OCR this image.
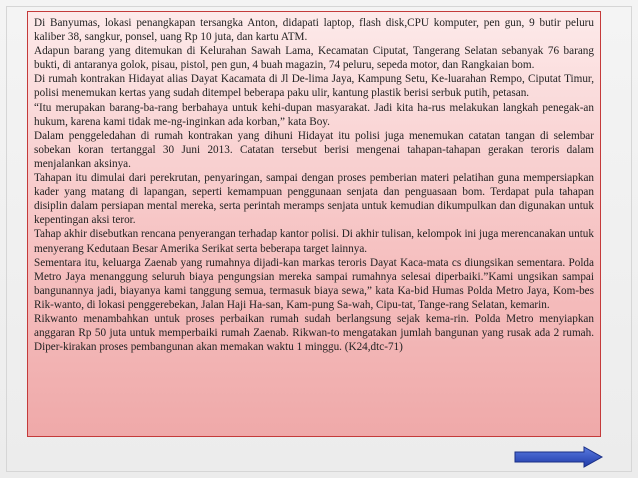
Di Banyumas, lokasi penangkapan tersangka Anton, didapati laptop, flash disk,CPU komputer, pen gun, 9 butir peluru kaliber 38, sangkur, ponsel, uang Rp 10 juta, dan kartu ATM.

Adapun barang yang ditemukan di Kelurahan Sawah Lama, Kecamatan Ciputat, Tangerang Selatan sebanyak 76 barang bukti, di antaranya golok, pisau, pistol, pen gun, 4 buah magazin, 74 peluru, sepeda motor, dan Rangkaian bom.

Di rumah kontrakan Hidayat alias Dayat Kacamata di Jl De-lima Jaya, Kampung Setu, Ke-luarahan Rempo, Ciputat Timur, polisi menemukan kertas yang sudah ditempel beberapa paku ulir, kantung plastik berisi serbuk putih, petasan.

“Itu merupakan barang-ba-rang berbahaya untuk kehi-dupan masyarakat. Jadi kita ha-rus melakukan langkah penegak-an hukum, karena kami tidak me-ng-inginkan ada korban,” kata Boy.

Dalam penggeledahan di rumah kontrakan yang dihuni Hidayat itu polisi juga menemukan catatan tangan di selembar sobekan koran tertanggal 30 Juni 2013. Catatan tersebut berisi mengenai tahapan-tahapan gerakan teroris dalam menjalankan aksinya.

Tahapan itu dimulai dari perekrutan, penyaringan, sampai dengan proses pemberian materi pelatihan guna mempersiapkan kader yang matang di lapangan, seperti kemampuan penggunaan senjata dan penguasaan bom. Terdapat pula tahapan disiplin dalam persiapan mental mereka, serta perintah meramps senjata untuk kemudian dikumpulkan dan digunakan untuk kepentingan aksi teror.

Tahap akhir disebutkan rencana penyerangan terhadap kantor polisi. Di akhir tulisan, kelompok ini juga merencanakan untuk menyerang Kedutaan Besar Amerika Serikat serta beberapa target lainnya.

Sementara itu, keluarga Zaenab yang rumahnya dijadi-kan markas teroris Dayat Kaca-mata cs diungsikan sementara. Polda Metro Jaya menanggung seluruh biaya pengungsian mereka sampai rumahnya selesai diperbaiki.”Kami ungsikan sampai bangunannya jadi, biayanya kami tanggung semua, termasuk biaya sewa,” kata Ka-bid Humas Polda Metro Jaya, Kom-bes Rik-wanto, di lokasi penggerebekan, Jalan Haji Ha-san, Kam-pung Sa-wah, Cipu-tat, Tange-rang Selatan, kemarin.

Rikwanto menambahkan untuk proses perbaikan rumah sudah berlangsung sejak kema-rin. Polda Metro menyiapkan anggaran Rp 50 juta untuk memperbaiki rumah Zaenab. Rikwan-to mengatakan jumlah bangunan yang rusak ada 2 rumah. Diper-kirakan proses pembangunan akan memakan waktu 1 minggu. (K24,dtc-71)
